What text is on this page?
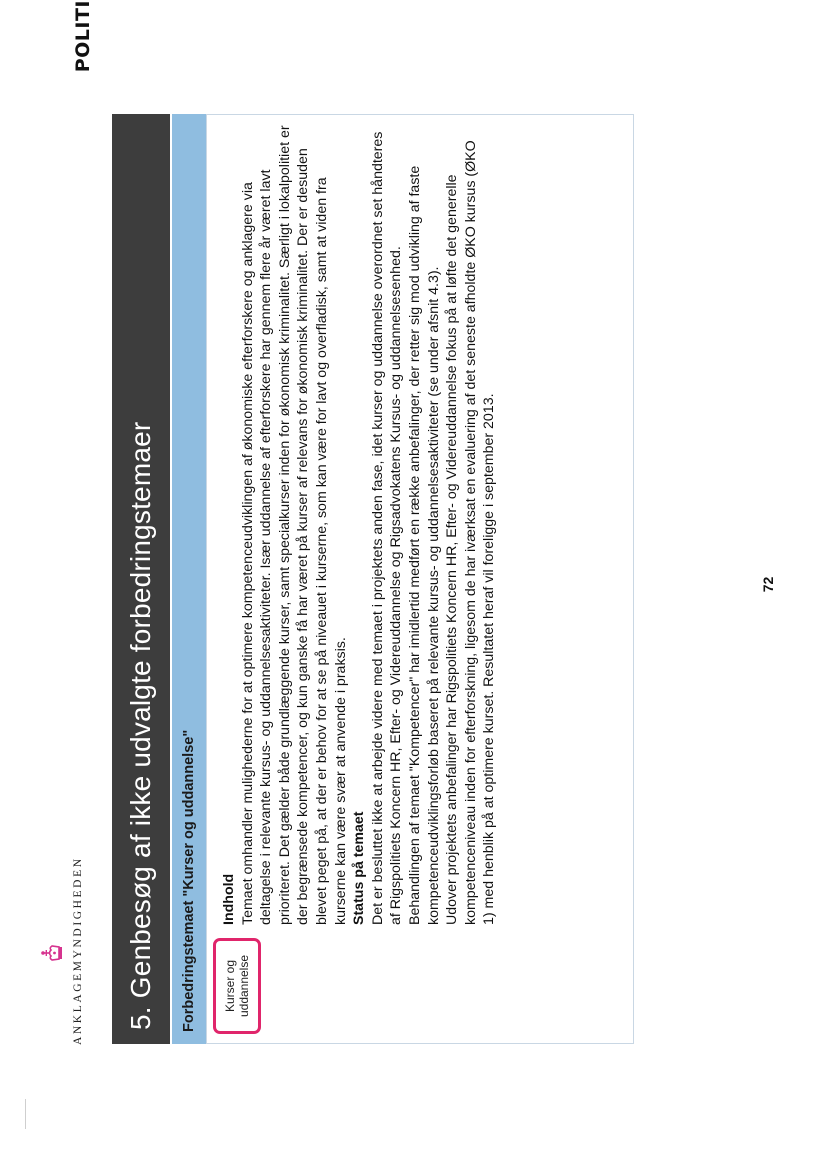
ANKLAGEMYNDIGHEDEN
POLITI
5. Genbesøg af ikke udvalgte forbedringstemaer	Forbedringstemaet "Kurser og uddannelse"	Kurser og uddannelse
Indhold Temaet omhandler mulighederne for at optimere kompetenceudviklingen af økonomiske efterforskere og anklagere via deltagelse i relevante kursus- og uddannelsesaktiviteter. Især uddannelse af efterforskere har gennem flere år været lavt prioriteret. Det gælder både grundlæggende kurser, samt specialkurser inden for økonomisk kriminalitet. Særligt i lokalpolitiet er der begrænsede kompetencer, og kun ganske få har været på kurser af relevans for økonomisk kriminalitet. Der er desuden blevet peget på, at der er behov for at se på niveauet i kurserne, som kan være for lavt og overfladisk, samt at viden fra kurserne kan være svær at anvende i praksis. Status på temaet Det er besluttet ikke at arbejde videre med temaet i projektets anden fase, idet kurser og uddannelse overordnet set håndteres af Rigspolitiets Koncern HR, Efter- og Videreuddannelse og Rigsadvokatens Kursus- og uddannelsesenhed. Behandlingen af temaet "Kompetencer" har imidlertid medført en række anbefalinger, der retter sig mod udvikling af faste kompetenceudviklingsforløb baseret på relevante kursus- og uddannelsesaktiviteter (se under afsnit 4.3). Udover projektets anbefalinger har Rigspolitiets Koncern HR, Efter- og Videreuddannelse fokus på at løfte det generelle kompetenceniveau inden for efterforskning, ligesom de har iværksat en evaluering af det seneste afholdte ØKO kursus (ØKO 1) med henblik på at optimere kurset. Resultatet heraf vil foreligge i september 2013.	72
